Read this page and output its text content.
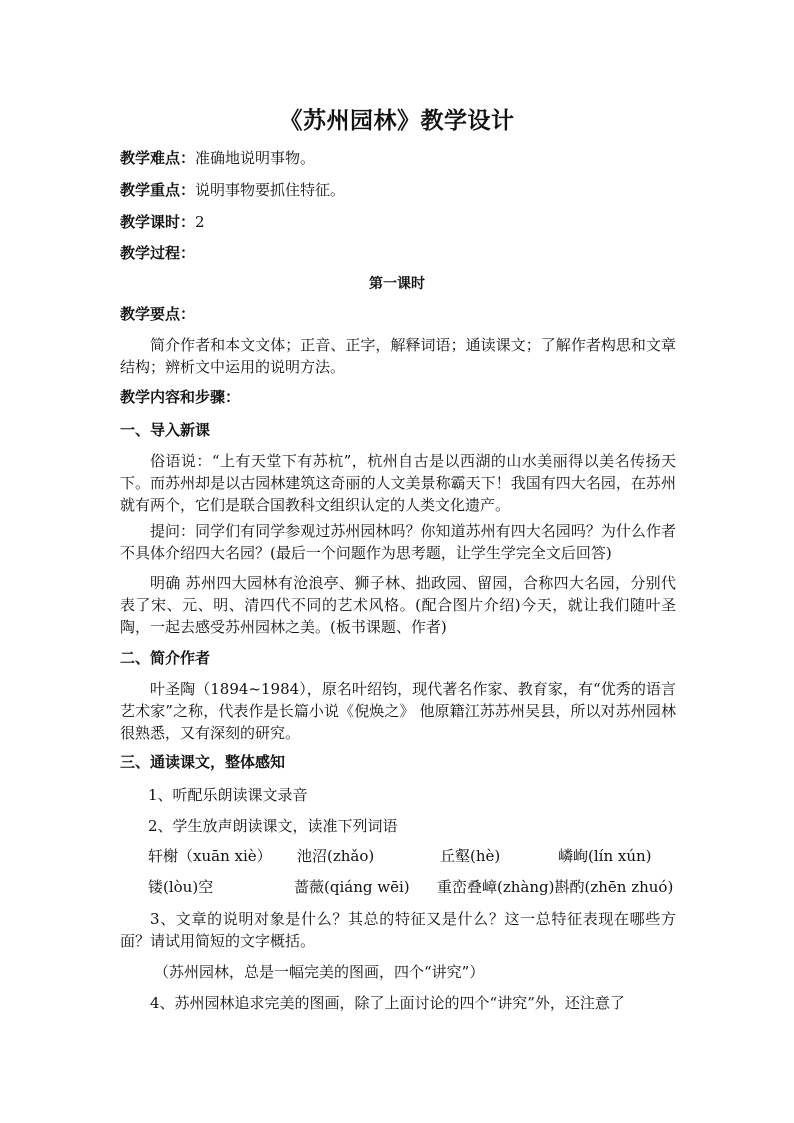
《苏州园林》教学设计
教学难点：准确地说明事物。
教学重点：说明事物要抓住特征。
教学课时：2
教学过程：
第一课时
教学要点：
简介作者和本文文体；正音、正字，解释词语；通读课文；了解作者构思和文章结构；辨析文中运用的说明方法。
教学内容和步骤：
一、导入新课
俗语说：“上有天堂下有苏杭”，杭州自古是以西湖的山水美丽得以美名传扬天下。而苏州却是以古园林建筑这奇丽的人文美景称霸天下！我国有四大名园，在苏州就有两个，它们是联合国教科文组织认定的人类文化遗产。
提问：同学们有同学参观过苏州园林吗？你知道苏州有四大名园吗？为什么作者不具体介绍四大名园？(最后一个问题作为思考题，让学生学完全文后回答)
明确 苏州四大园林有沧浪亭、狮子林、拙政园、留园，合称四大名园，分别代表了宋、元、明、清四代不同的艺术风格。(配合图片介绍)今天，就让我们随叶圣陶，一起去感受苏州园林之美。(板书课题、作者)
二、简介作者
叶圣陶（1894~1984），原名叶绍钧，现代著名作家、教育家，有“优秀的语言艺术家”之称，代表作是长篇小说《倪焕之》 他原籍江苏苏州吴县，所以对苏州园林很熟悉，又有深刻的研究。
三、通读课文，整体感知
1、听配乐朗读课文录音
2、学生放声朗读课文，读准下列词语
轩榭（xuān xiè） 池沼(zhǎo)	丘壑(hè)	嶙峋(lín xún)
镂(lòu)空	蔷薇(qiáng wēi) 重峦叠嶂(zhàng)斟酌(zhēn zhuó)
3、文章的说明对象是什么？其总的特征又是什么？这一总特征表现在哪些方面？请试用简短的文字概括。
（苏州园林，总是一幅完美的图画，四个“讲究”）
4、苏州园林追求完美的图画，除了上面讨论的四个“讲究”外，还注意了
